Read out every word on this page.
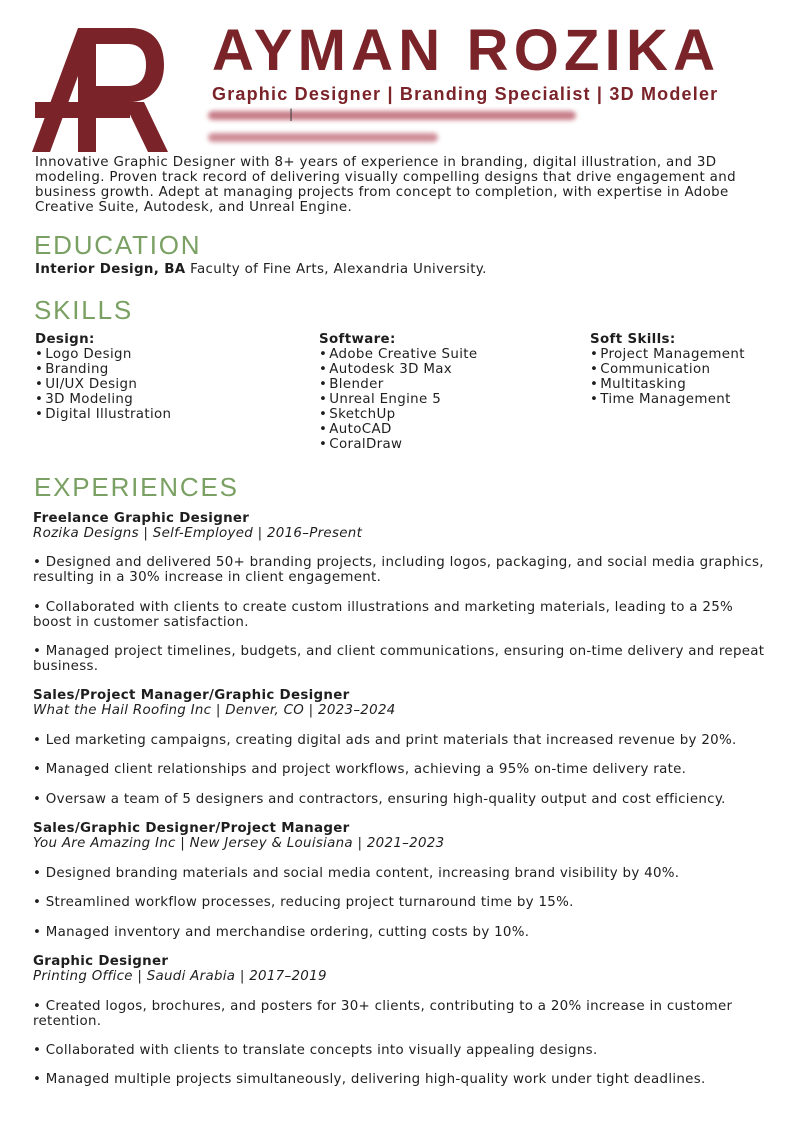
AYMAN ROZIKA
Graphic Designer | Branding Specialist | 3D Modeler
|
Innovative Graphic Designer with 8+ years of experience in branding, digital illustration, and 3D modeling. Proven track record of delivering visually compelling designs that drive engagement and business growth. Adept at managing projects from concept to completion, with expertise in Adobe Creative Suite, Autodesk, and Unreal Engine.
EDUCATION
Interior Design, BA Faculty of Fine Arts, Alexandria University.
SKILLS
Design:
• Logo Design
• Branding
• UI/UX Design
• 3D Modeling
• Digital Illustration
Software:
• Adobe Creative Suite
• Autodesk 3D Max
• Blender
• Unreal Engine 5
• SketchUp
• AutoCAD
• CoralDraw
Soft Skills:
• Project Management
• Communication
• Multitasking
• Time Management
EXPERIENCES
Freelance Graphic Designer
Rozika Designs | Self-Employed | 2016–Present

• Designed and delivered 50+ branding projects, including logos, packaging, and social media graphics, resulting in a 30% increase in client engagement.

• Collaborated with clients to create custom illustrations and marketing materials, leading to a 25% boost in customer satisfaction.

• Managed project timelines, budgets, and client communications, ensuring on-time delivery and repeat business.

Sales/Project Manager/Graphic Designer
What the Hail Roofing Inc | Denver, CO | 2023–2024

• Led marketing campaigns, creating digital ads and print materials that increased revenue by 20%.

• Managed client relationships and project workflows, achieving a 95% on-time delivery rate.

• Oversaw a team of 5 designers and contractors, ensuring high-quality output and cost efficiency.

Sales/Graphic Designer/Project Manager
You Are Amazing Inc | New Jersey & Louisiana | 2021–2023

• Designed branding materials and social media content, increasing brand visibility by 40%.

• Streamlined workflow processes, reducing project turnaround time by 15%.

• Managed inventory and merchandise ordering, cutting costs by 10%.

Graphic Designer
Printing Office | Saudi Arabia | 2017–2019

• Created logos, brochures, and posters for 30+ clients, contributing to a 20% increase in customer retention.

• Collaborated with clients to translate concepts into visually appealing designs.

• Managed multiple projects simultaneously, delivering high-quality work under tight deadlines.
